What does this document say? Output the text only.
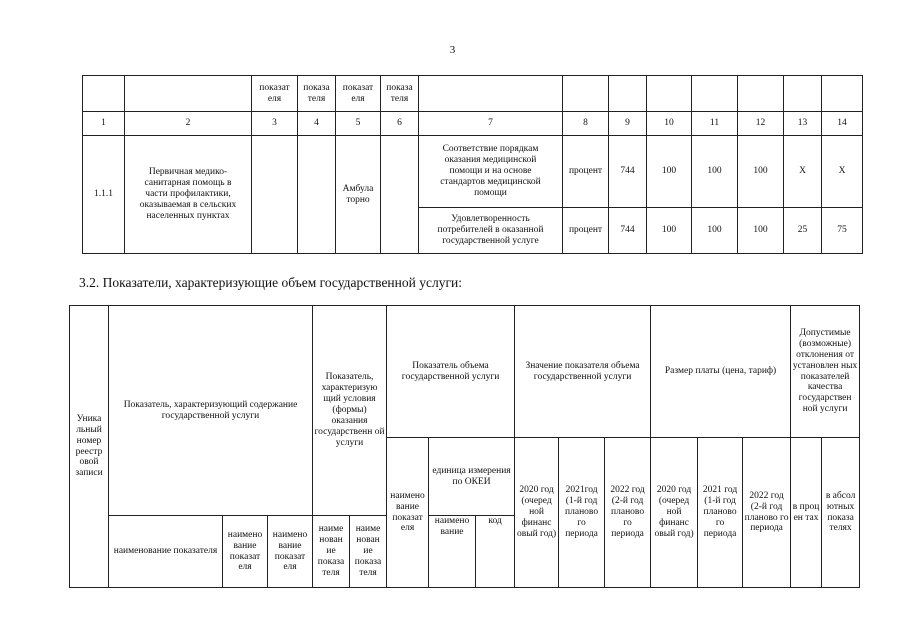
3
		показат еля	показа теля	показат еля	показа теля								
1	2	3	4	5	6	7	8	9	10	11	12	13	14
1.1.1	Первичная медико-санитарная помощь в части профилактики, оказываемая в сельских населенных пунктах			Амбула торно		Соответствие порядкам оказания медицинской помощи и на основе стандартов медицинской помощи	процент	744	100	100	100	Х	Х
						Удовлетворенность потребителей в оказанной государственной услуге	процент	744	100	100	100	25	75
3.2. Показатели, характеризующие объем государственной услуги:
Уника льный номер реестр овой записи	Показатель, характеризующий содержание государственной услуги			Показатель, характеризую щий условия (формы) оказания государственн ой услуги		Показатель объема государственной услуги			Значение показателя объема государственной услуги			Размер платы (цена, тариф)			Допустимые (возможные) отклонения от установлен ных показателей качества государствен ной услуги	
						наимено вание показат еля	единица измерения по ОКЕИ		2020 год (очеред ной финанс овый год)	2021год (1-й год планово го периода	2022 год (2-й год планово го периода	2020 год (очеред ной финанс овый год)	2021 год (1-й год планово го периода	2022 год (2-й год планово го периода	в проц ен тах	в абсол ютных показа телях
	наименование показателя	наимено вание показат еля	наимено вание показат еля	наиме нован ие показа теля	наиме нован ие показа теля		наимено вание	код								
